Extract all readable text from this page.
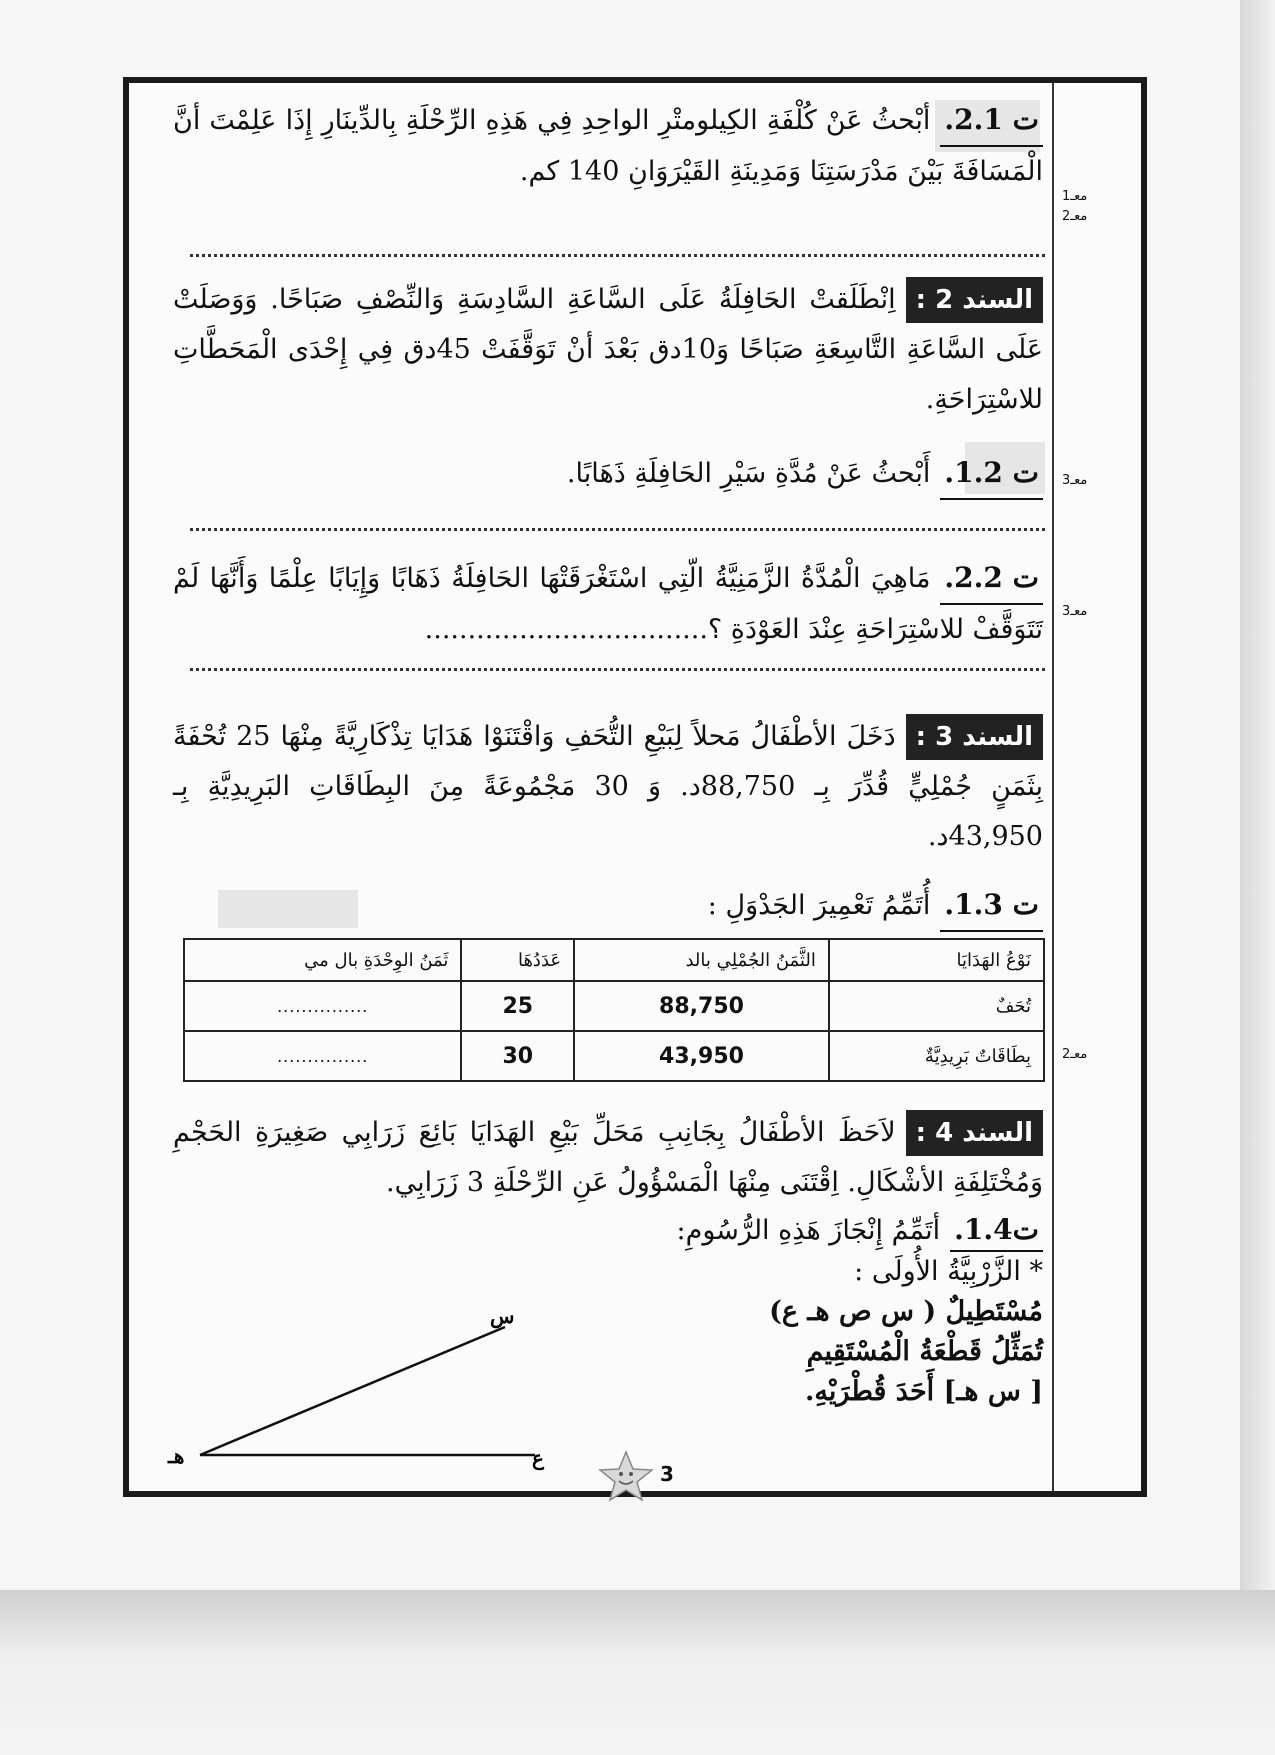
معـ1
معـ2
معـ3
معـ3
معـ2
ت 2.1.أبْحثُ عَنْ كُلْفَةِ الكِيلومتْرِ الواحِدِ فِي هَذِهِ الرِّحْلَةِ بِالدِّينَارِ إِذَا عَلِمْتَ أنَّ الْمَسَافَةَ بَيْنَ مَدْرَسَتِنَا وَمَدِينَةِ القَيْرَوَانِ 140 كم.
السند 2 :اِنْطَلَقتْ الحَافِلَةُ عَلَى السَّاعَةِ السَّادِسَةِ وَالنِّصْفِ صَبَاحًا. وَوَصَلَتْ عَلَى السَّاعَةِ التَّاسِعَةِ صَبَاحًا وَ10دق بَعْدَ أنْ تَوَقَّفَتْ 45دق فِي إِحْدَى الْمَحَطَّاتِ للاسْتِرَاحَةِ.
ت 1.2.أَبْحثُ عَنْ مُدَّةِ سَيْرِ الحَافِلَةِ ذَهَابًا.
ت 2.2.مَاهِيَ الْمُدَّةُ الزَّمَنِيَّةُ الّتِي اسْتَغْرَقَتْهَا الحَافِلَةُ ذَهَابًا وَإِيَابًا عِلْمًا وَأَنَّهَا لَمْ تَتَوَقَّفْ للاسْتِرَاحَةِ عِنْدَ العَوْدَةِ ؟.................................
السند 3 :دَخَلَ الأطْفَالُ مَحلاً لِبَيْعِ التُّحَفِ وَاقْتَنَوْا هَدَايَا تِذْكَارِيَّةً مِنْهَا 25 تُحْفَةً بِثَمَنٍ جُمْلِيٍّ قُدِّرَ بِـ 88,750د. وَ 30 مَجْمُوعَةً مِنَ البِطَاقَاتِ البَرِيدِيَّةِ بِـ 43,950د.
ت 1.3.أُتَمِّمُ تَعْمِيرَ الجَدْوَلِ :
نَوْعُ الهَدَايَا	الثَّمَنُ الجُمْلِي بالد	عَدَدُهَا	ثَمَنُ الوِحْدَةِ بال مي
تُحَفٌ	88,750	25	...............
بِطَاقَاتٌ بَرِيدِيَّةٌ	43,950	30	...............
السند 4 :لاَحَظَ الأطْفَالُ بِجَانِبِ مَحَلِّ بَيْعِ الهَدَايَا بَائِعَ زَرَابِي صَغِيرَةِ الحَجْمِ وَمُخْتَلِفَةِ الأشْكَالِ. اِقْتَنَى مِنْهَا الْمَسْؤُولُ عَنِ الرِّحْلَةِ 3 زَرَابِي.
ت1.4.أتَمِّمُ إِنْجَازَ هَذِهِ الرُّسُومِ:
* الزَّرْبِيَّةُ الأُولَى :
مُسْتَطِيلٌ ( س ص هـ ع)
تُمَثِّلُ قَطْعَةُ الْمُسْتَقِيمِ
[ س هـ] أَحَدَ قُطْرَيْهِ.
س
هـ	ع
3
